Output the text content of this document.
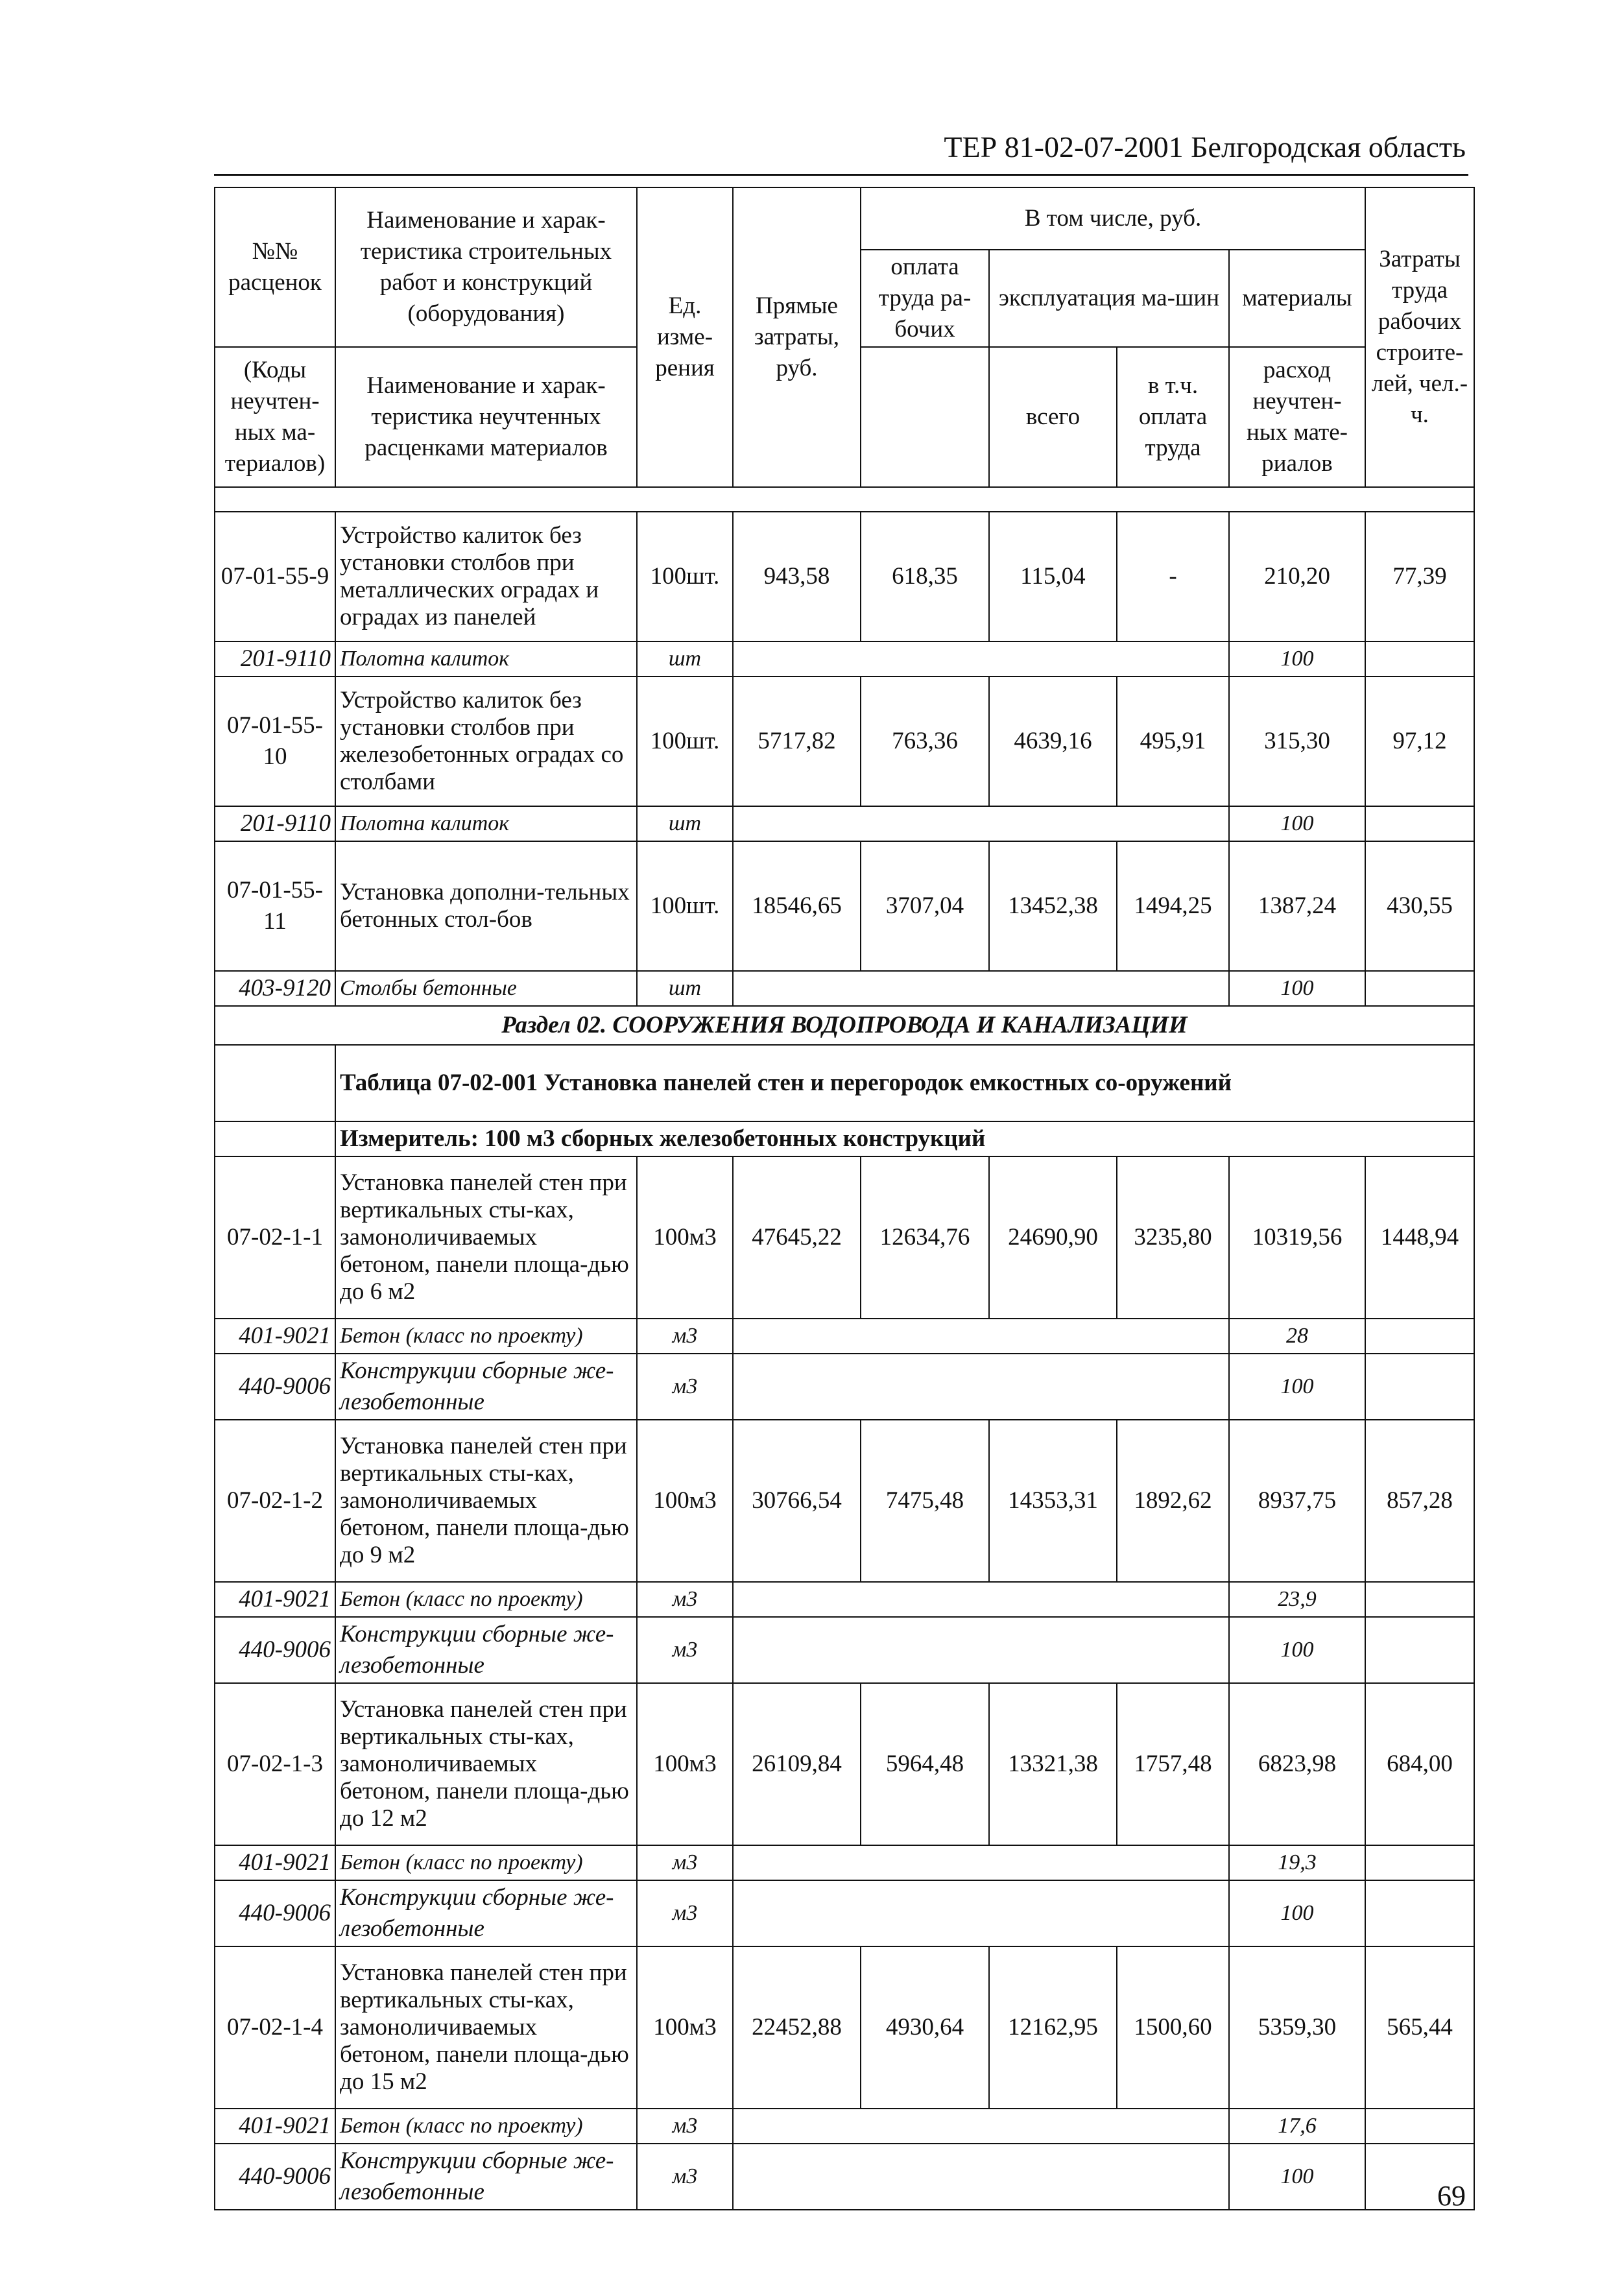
ТЕР 81-02-07-2001 Белгородская область
№№ расценок	Наименование и харак-теристика строительных работ и конструкций (оборудования)	Ед. изме-рения	Прямые затраты, руб.	В том числе, руб.				Затраты труда рабочих строите-лей, чел.-ч.
				оплата труда ра-бочих	эксплуатация ма-шин		материалы	

(Коды неучтен-ных ма-териалов)	Наименование и харак-теристика неучтенных расценками материалов				всего	в т.ч. оплата труда	расход неучтен-ных мате-риалов	

07-01-55-9	Устройство калиток без установки столбов при металлических оградах и оградах из панелей	100шт.	943,58	618,35	115,04	-	210,20	77,39
201-9110	Полотна калиток	шт					100	
07-01-55-10	Устройство калиток без установки столбов при железобетонных оградах со столбами	100шт.	5717,82	763,36	4639,16	495,91	315,30	97,12
201-9110	Полотна калиток	шт					100	
07-01-55-11	Установка дополни-тельных бетонных стол-бов	100шт.	18546,65	3707,04	13452,38	1494,25	1387,24	430,55
403-9120	Столбы бетонные	шт					100	
Раздел 02. СООРУЖЕНИЯ ВОДОПРОВОДА И КАНАЛИЗАЦИИ								
	Таблица 07-02-001 Установка панелей стен и перегородок емкостных со-оружений							
	Измеритель: 100 м3 сборных железобетонных конструкций							
07-02-1-1	Установка панелей стен при вертикальных сты-ках, замоноличиваемых бетоном, панели площа-дью до 6 м2	100м3	47645,22	12634,76	24690,90	3235,80	10319,56	1448,94
401-9021	Бетон (класс по проекту)	м3					28	
440-9006	Конструкции сборные же-лезобетонные	м3					100	
07-02-1-2	Установка панелей стен при вертикальных сты-ках, замоноличиваемых бетоном, панели площа-дью до 9 м2	100м3	30766,54	7475,48	14353,31	1892,62	8937,75	857,28
401-9021	Бетон (класс по проекту)	м3					23,9	
440-9006	Конструкции сборные же-лезобетонные	м3					100	
07-02-1-3	Установка панелей стен при вертикальных сты-ках, замоноличиваемых бетоном, панели площа-дью до 12 м2	100м3	26109,84	5964,48	13321,38	1757,48	6823,98	684,00
401-9021	Бетон (класс по проекту)	м3					19,3	
440-9006	Конструкции сборные же-лезобетонные	м3					100	
07-02-1-4	Установка панелей стен при вертикальных сты-ках, замоноличиваемых бетоном, панели площа-дью до 15 м2	100м3	22452,88	4930,64	12162,95	1500,60	5359,30	565,44
401-9021	Бетон (класс по проекту)	м3					17,6	
440-9006	Конструкции сборные же-лезобетонные	м3					100	
69
